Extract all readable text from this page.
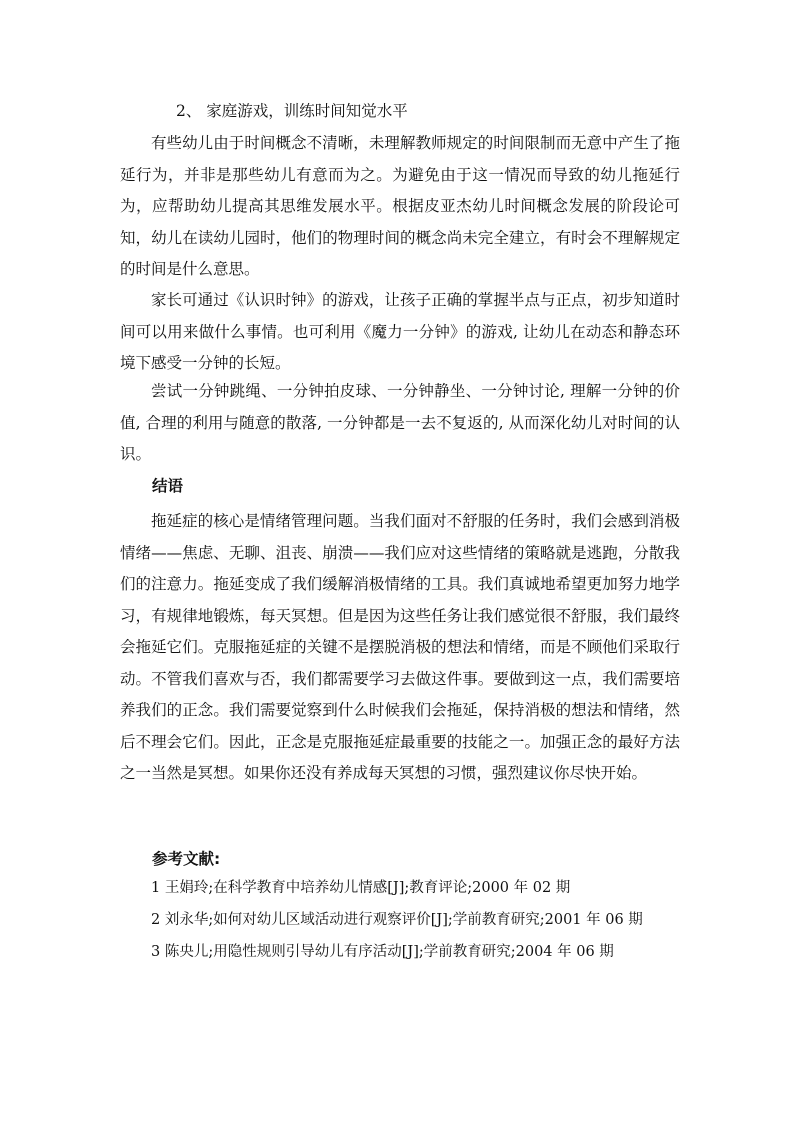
2、 家庭游戏，训练时间知觉水平
有些幼儿由于时间概念不清晰，未理解教师规定的时间限制而无意中产生了拖延行为，并非是那些幼儿有意而为之。为避免由于这一情况而导致的幼儿拖延行为，应帮助幼儿提高其思维发展水平。根据皮亚杰幼儿时间概念发展的阶段论可知，幼儿在读幼儿园时，他们的物理时间的概念尚未完全建立，有时会不理解规定的时间是什么意思。
家长可通过《认识时钟》的游戏，让孩子正确的掌握半点与正点，初步知道时间可以用来做什么事情。也可利用《魔力一分钟》的游戏, 让幼儿在动态和静态环境下感受一分钟的长短。
尝试一分钟跳绳、一分钟拍皮球、一分钟静坐、一分钟讨论, 理解一分钟的价值, 合理的利用与随意的散落, 一分钟都是一去不复返的, 从而深化幼儿对时间的认识。
结语
拖延症的核心是情绪管理问题。当我们面对不舒服的任务时，我们会感到消极情绪——焦虑、无聊、沮丧、崩溃——我们应对这些情绪的策略就是逃跑，分散我们的注意力。拖延变成了我们缓解消极情绪的工具。我们真诚地希望更加努力地学习，有规律地锻炼，每天冥想。但是因为这些任务让我们感觉很不舒服，我们最终会拖延它们。克服拖延症的关键不是摆脱消极的想法和情绪，而是不顾他们采取行动。不管我们喜欢与否，我们都需要学习去做这件事。要做到这一点，我们需要培养我们的正念。我们需要觉察到什么时候我们会拖延，保持消极的想法和情绪，然后不理会它们。因此，正念是克服拖延症最重要的技能之一。加强正念的最好方法之一当然是冥想。如果你还没有养成每天冥想的习惯，强烈建议你尽快开始。
参考文献:
1 王娟玲;在科学教育中培养幼儿情感[J];教育评论;2000 年 02 期
2 刘永华;如何对幼儿区域活动进行观察评价[J];学前教育研究;2001 年 06 期
3 陈央儿;用隐性规则引导幼儿有序活动[J];学前教育研究;2004 年 06 期
